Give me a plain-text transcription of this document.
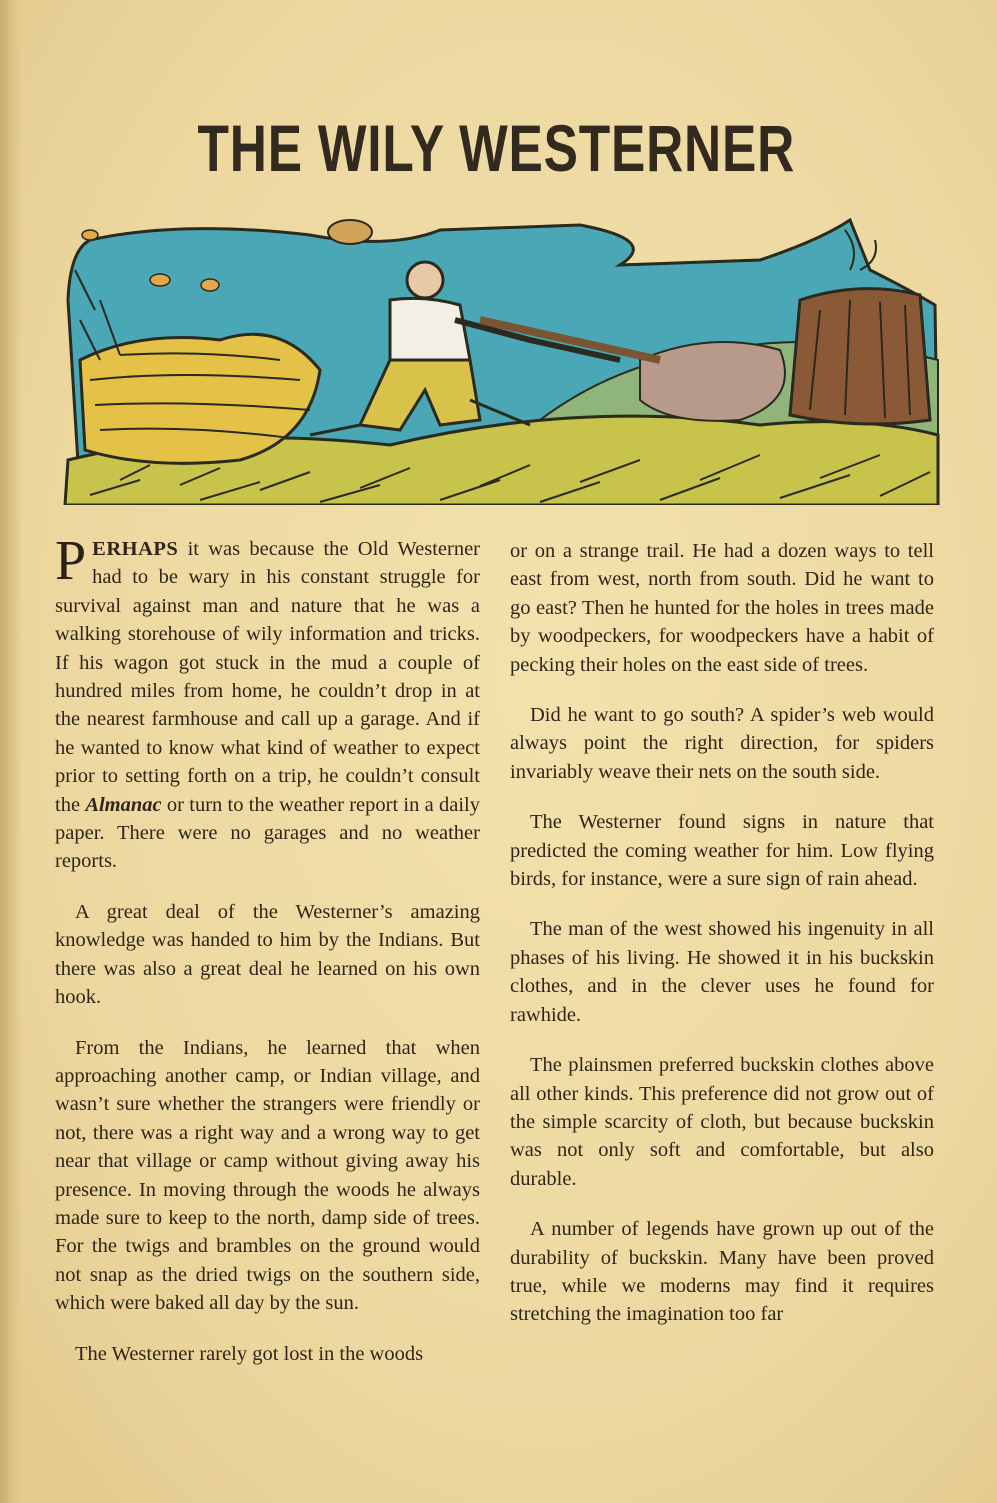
THE WILY WESTERNER

PERHAPS it was because the Old Westerner had to be wary in his constant struggle for survival against man and nature that he was a walking storehouse of wily information and tricks. If his wagon got stuck in the mud a couple of hundred miles from home, he couldn’t drop in at the nearest farmhouse and call up a garage. And if he wanted to know what kind of weather to expect prior to setting forth on a trip, he couldn’t consult the Almanac or turn to the weather report in a daily paper. There were no garages and no weather reports.

A great deal of the Westerner’s amazing knowledge was handed to him by the Indians. But there was also a great deal he learned on his own hook.

From the Indians, he learned that when approaching another camp, or Indian village, and wasn’t sure whether the strangers were friendly or not, there was a right way and a wrong way to get near that village or camp without giving away his presence. In moving through the woods he always made sure to keep to the north, damp side of trees. For the twigs and brambles on the ground would not snap as the dried twigs on the southern side, which were baked all day by the sun.

The Westerner rarely got lost in the woods

or on a strange trail. He had a dozen ways to tell east from west, north from south. Did he want to go east? Then he hunted for the holes in trees made by woodpeckers, for woodpeckers have a habit of pecking their holes on the east side of trees.

Did he want to go south? A spider’s web would always point the right direction, for spiders invariably weave their nets on the south side.

The Westerner found signs in nature that predicted the coming weather for him. Low flying birds, for instance, were a sure sign of rain ahead.

The man of the west showed his ingenuity in all phases of his living. He showed it in his buckskin clothes, and in the clever uses he found for rawhide.

The plainsmen preferred buckskin clothes above all other kinds. This preference did not grow out of the simple scarcity of cloth, but because buckskin was not only soft and comfortable, but also durable.

A number of legends have grown up out of the durability of buckskin. Many have been proved true, while we moderns may find it requires stretching the imagination too far
